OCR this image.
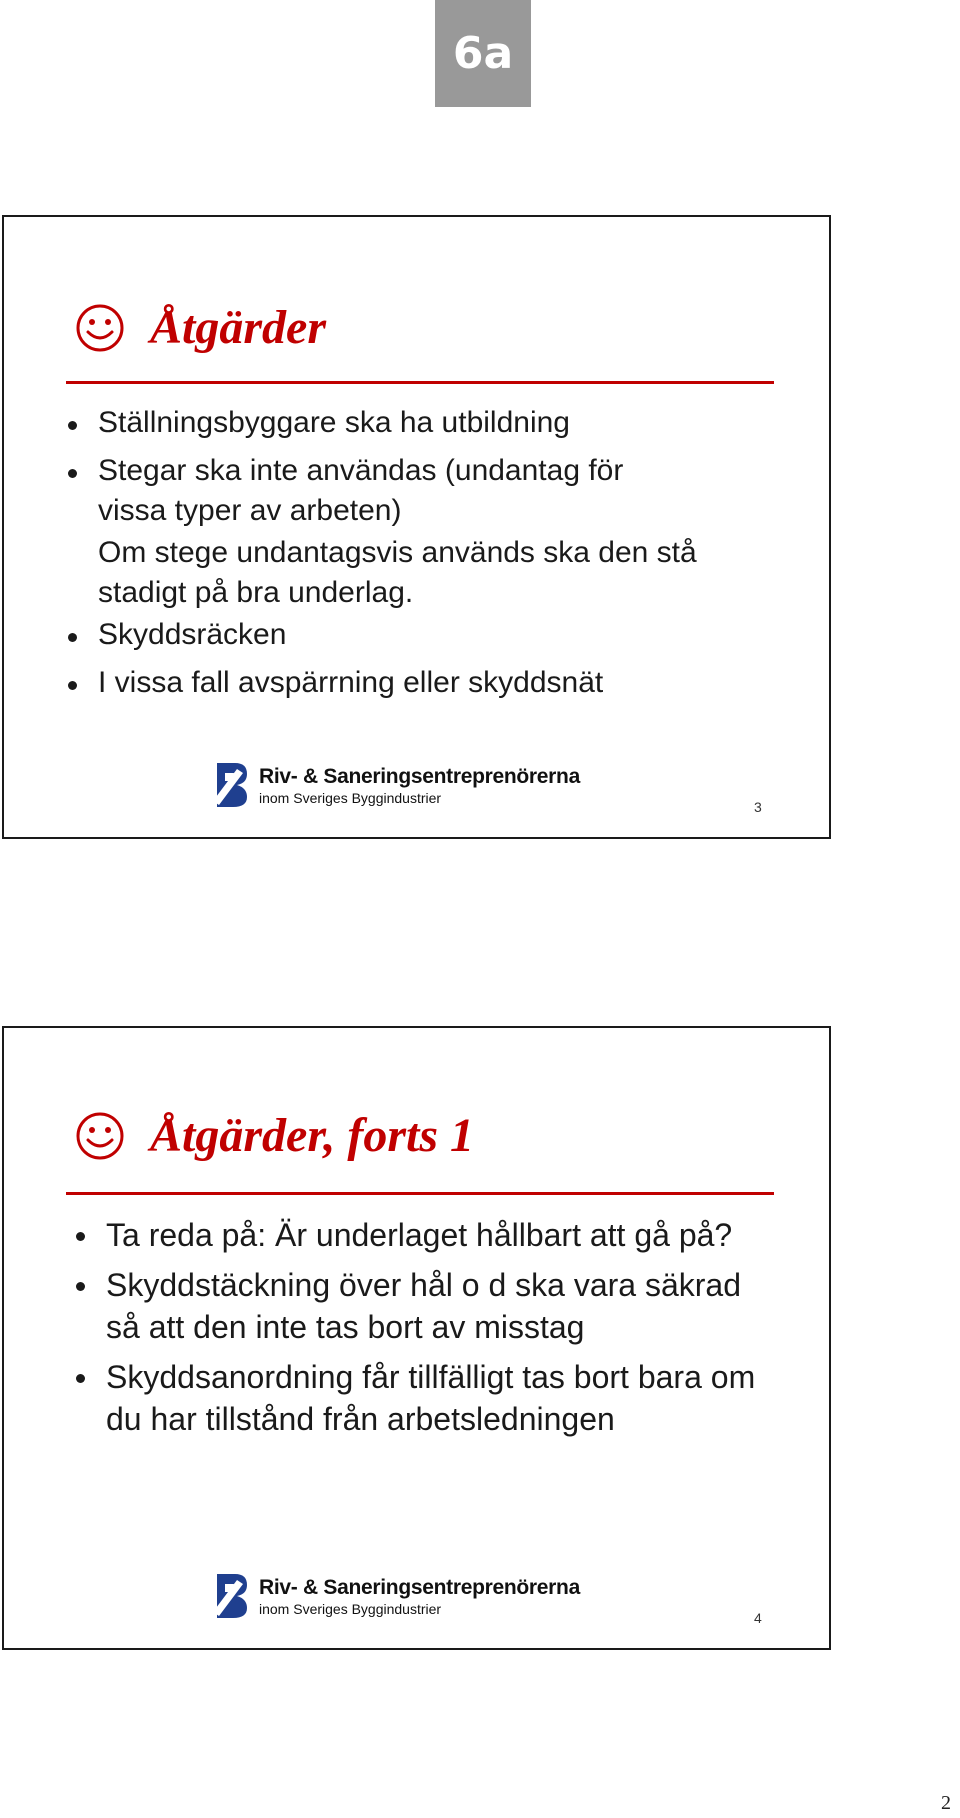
6a
Åtgärder
Ställningsbyggare ska ha utbildning
Stegar ska inte användas (undantag för vissa typer av arbeten)
Om stege undantagsvis används ska den stå stadigt på bra underlag.
Skyddsräcken
I vissa fall avspärrning eller skyddsnät
Riv- & Saneringsentreprenörerna
inom Sveriges Byggindustrier
3
Åtgärder, forts 1
Ta reda på: Är underlaget hållbart att gå på?
Skyddstäckning över hål o d ska vara säkrad så att den inte tas bort av misstag
Skyddsanordning får tillfälligt tas bort bara om du har tillstånd från arbetsledningen
Riv- & Saneringsentreprenörerna
inom Sveriges Byggindustrier
4
2
